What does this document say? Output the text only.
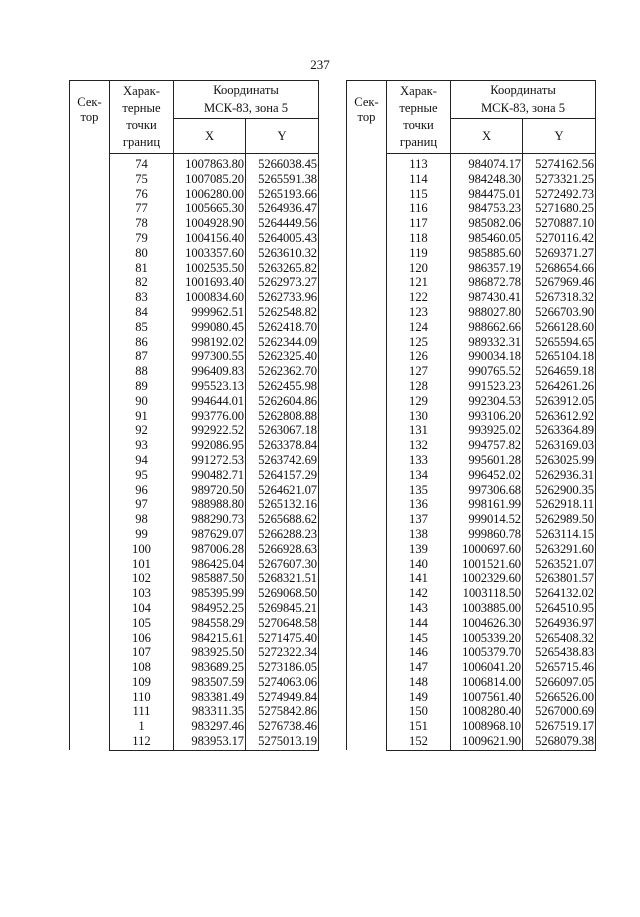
237
Сек-
тор	Харак-
терные
точки
границ	Координаты
МСК-83, зона 5	
		X	Y
	74	1007863.80	5266038.45
	75	1007085.20	5265591.38
	76	1006280.00	5265193.66
	77	1005665.30	5264936.47
	78	1004928.90	5264449.56
	79	1004156.40	5264005.43
	80	1003357.60	5263610.32
	81	1002535.50	5263265.82
	82	1001693.40	5262973.27
	83	1000834.60	5262733.96
	84	999962.51	5262548.82
	85	999080.45	5262418.70
	86	998192.02	5262344.09
	87	997300.55	5262325.40
	88	996409.83	5262362.70
	89	995523.13	5262455.98
	90	994644.01	5262604.86
	91	993776.00	5262808.88
	92	992922.52	5263067.18
	93	992086.95	5263378.84
	94	991272.53	5263742.69
	95	990482.71	5264157.29
	96	989720.50	5264621.07
	97	988988.80	5265132.16
	98	988290.73	5265688.62
	99	987629.07	5266288.23
	100	987006.28	5266928.63
	101	986425.04	5267607.30
	102	985887.50	5268321.51
	103	985395.99	5269068.50
	104	984952.25	5269845.21
	105	984558.29	5270648.58
	106	984215.61	5271475.40
	107	983925.50	5272322.34
	108	983689.25	5273186.05
	109	983507.59	5274063.06
	110	983381.49	5274949.84
	111	983311.35	5275842.86
	1	983297.46	5276738.46
	112	983953.17	5275013.19
Сек-
тор	Харак-
терные
точки
границ	Координаты
МСК-83, зона 5	
		X	Y
	113	984074.17	5274162.56
	114	984248.30	5273321.25
	115	984475.01	5272492.73
	116	984753.23	5271680.25
	117	985082.06	5270887.10
	118	985460.05	5270116.42
	119	985885.60	5269371.27
	120	986357.19	5268654.66
	121	986872.78	5267969.46
	122	987430.41	5267318.32
	123	988027.80	5266703.90
	124	988662.66	5266128.60
	125	989332.31	5265594.65
	126	990034.18	5265104.18
	127	990765.52	5264659.18
	128	991523.23	5264261.26
	129	992304.53	5263912.05
	130	993106.20	5263612.92
	131	993925.02	5263364.89
	132	994757.82	5263169.03
	133	995601.28	5263025.99
	134	996452.02	5262936.31
	135	997306.68	5262900.35
	136	998161.99	5262918.11
	137	999014.52	5262989.50
	138	999860.78	5263114.15
	139	1000697.60	5263291.60
	140	1001521.60	5263521.07
	141	1002329.60	5263801.57
	142	1003118.50	5264132.02
	143	1003885.00	5264510.95
	144	1004626.30	5264936.97
	145	1005339.20	5265408.32
	146	1005379.70	5265438.83
	147	1006041.20	5265715.46
	148	1006814.00	5266097.05
	149	1007561.40	5266526.00
	150	1008280.40	5267000.69
	151	1008968.10	5267519.17
	152	1009621.90	5268079.38
